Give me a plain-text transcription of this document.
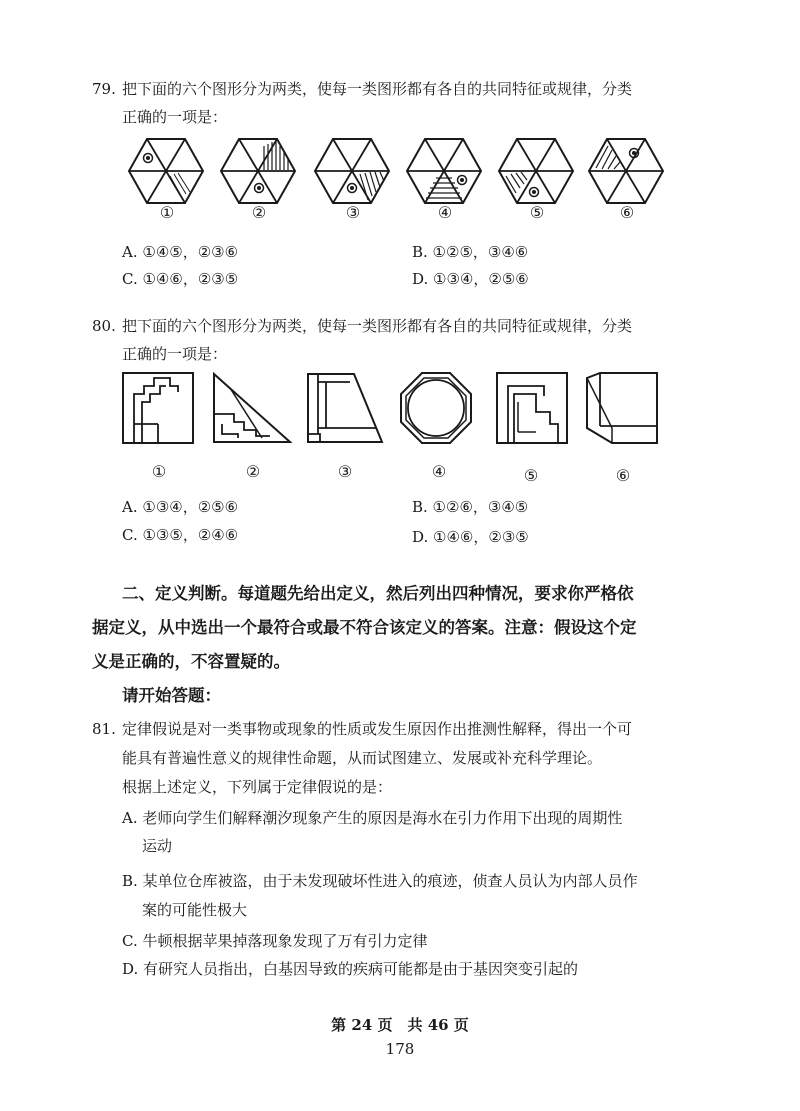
79. 把下面的六个图形分为两类，使每一类图形都有各自的共同特征或规律，分类
正确的一项是：
①	②	③	④	⑤	⑥
A. ①④⑤，②③⑥	B. ①②⑤，③④⑥
C. ①④⑥，②③⑤	D. ①③④，②⑤⑥
80. 把下面的六个图形分为两类，使每一类图形都有各自的共同特征或规律，分类
正确的一项是：
①	②	③	④	⑤	⑥
A. ①③④，②⑤⑥	B. ①②⑥，③④⑤
C. ①③⑤，②④⑥	D. ①④⑥，②③⑤
二、定义判断。每道题先给出定义，然后列出四种情况，要求你严格依
据定义，从中选出一个最符合或最不符合该定义的答案。注意：假设这个定
义是正确的，不容置疑的。
请开始答题：
81. 定律假说是对一类事物或现象的性质或发生原因作出推测性解释，得出一个可
能具有普遍性意义的规律性命题，从而试图建立、发展或补充科学理论。
根据上述定义，下列属于定律假说的是：
A. 老师向学生们解释潮汐现象产生的原因是海水在引力作用下出现的周期性
运动
B. 某单位仓库被盗，由于未发现破坏性进入的痕迹，侦查人员认为内部人员作
案的可能性极大
C. 牛顿根据苹果掉落现象发现了万有引力定律
D. 有研究人员指出，白基因导致的疾病可能都是由于基因突变引起的
第 24 页　共 46 页
178
